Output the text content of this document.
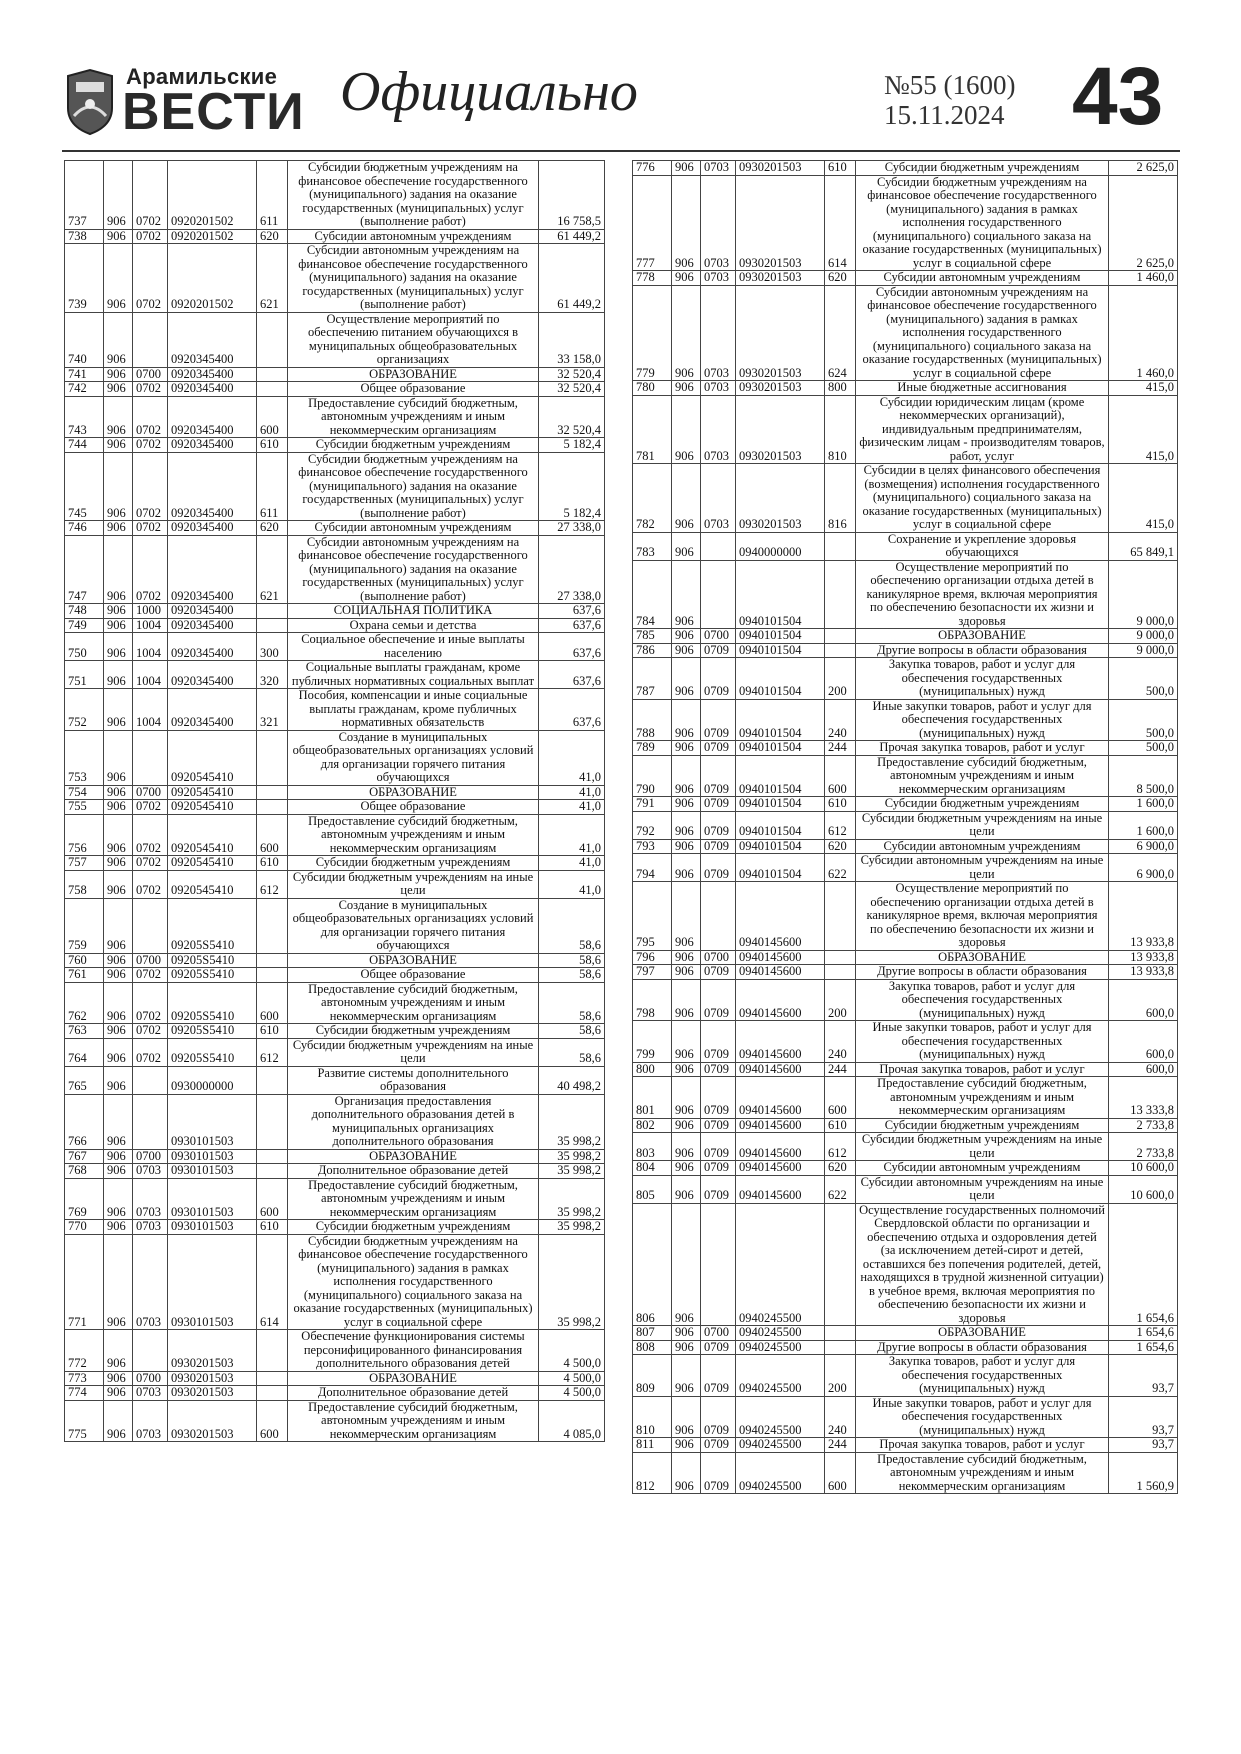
Арамильские
ВЕСТИ Официально	№55 (1600)
15.11.2024 43
737	906	0702	0920201502	611	Субсидии бюджетным учреждениям на финансовое обеспечение государственного (муниципального) задания на оказание государственных (муниципальных) услуг (выполнение работ)	16 758,5
738	906	0702	0920201502	620	Субсидии автономным учреждениям	61 449,2
739	906	0702	0920201502	621	Субсидии автономным учреждениям на финансовое обеспечение государственного (муниципального) задания на оказание государственных (муниципальных) услуг (выполнение работ)	61 449,2
740	906		0920345400		Осуществление мероприятий по обеспечению питанием обучающихся в муниципальных общеобразовательных организациях	33 158,0
741	906	0700	0920345400		ОБРАЗОВАНИЕ	32 520,4
742	906	0702	0920345400		Общее образование	32 520,4
743	906	0702	0920345400	600	Предоставление субсидий бюджетным, автономным учреждениям и иным некоммерческим организациям	32 520,4
744	906	0702	0920345400	610	Субсидии бюджетным учреждениям	5 182,4
745	906	0702	0920345400	611	Субсидии бюджетным учреждениям на финансовое обеспечение государственного (муниципального) задания на оказание государственных (муниципальных) услуг (выполнение работ)	5 182,4
746	906	0702	0920345400	620	Субсидии автономным учреждениям	27 338,0
747	906	0702	0920345400	621	Субсидии автономным учреждениям на финансовое обеспечение государственного (муниципального) задания на оказание государственных (муниципальных) услуг (выполнение работ)	27 338,0
748	906	1000	0920345400		СОЦИАЛЬНАЯ ПОЛИТИКА	637,6
749	906	1004	0920345400		Охрана семьи и детства	637,6
750	906	1004	0920345400	300	Социальное обеспечение и иные выплаты населению	637,6
751	906	1004	0920345400	320	Социальные выплаты гражданам, кроме публичных нормативных социальных выплат	637,6
752	906	1004	0920345400	321	Пособия, компенсации и иные социальные выплаты гражданам, кроме публичных нормативных обязательств	637,6
753	906		0920545410		Создание в муниципальных общеобразовательных организациях условий для организации горячего питания обучающихся	41,0
754	906	0700	0920545410		ОБРАЗОВАНИЕ	41,0
755	906	0702	0920545410		Общее образование	41,0
756	906	0702	0920545410	600	Предоставление субсидий бюджетным, автономным учреждениям и иным некоммерческим организациям	41,0
757	906	0702	0920545410	610	Субсидии бюджетным учреждениям	41,0
758	906	0702	0920545410	612	Субсидии бюджетным учреждениям на иные цели	41,0
759	906		09205S5410		Создание в муниципальных общеобразовательных организациях условий для организации горячего питания обучающихся	58,6
760	906	0700	09205S5410		ОБРАЗОВАНИЕ	58,6
761	906	0702	09205S5410		Общее образование	58,6
762	906	0702	09205S5410	600	Предоставление субсидий бюджетным, автономным учреждениям и иным некоммерческим организациям	58,6
763	906	0702	09205S5410	610	Субсидии бюджетным учреждениям	58,6
764	906	0702	09205S5410	612	Субсидии бюджетным учреждениям на иные цели	58,6
765	906		0930000000		Развитие системы дополнительного образования	40 498,2
766	906		0930101503		Организация предоставления дополнительного образования детей в муниципальных организациях дополнительного образования	35 998,2
767	906	0700	0930101503		ОБРАЗОВАНИЕ	35 998,2
768	906	0703	0930101503		Дополнительное образование детей	35 998,2
769	906	0703	0930101503	600	Предоставление субсидий бюджетным, автономным учреждениям и иным некоммерческим организациям	35 998,2
770	906	0703	0930101503	610	Субсидии бюджетным учреждениям	35 998,2
771	906	0703	0930101503	614	Субсидии бюджетным учреждениям на финансовое обеспечение государственного (муниципального) задания в рамках исполнения государственного (муниципального) социального заказа на оказание государственных (муниципальных) услуг в социальной сфере	35 998,2
772	906		0930201503		Обеспечение функционирования системы персонифицированного финансирования дополнительного образования детей	4 500,0
773	906	0700	0930201503		ОБРАЗОВАНИЕ	4 500,0
774	906	0703	0930201503		Дополнительное образование детей	4 500,0
775	906	0703	0930201503	600	Предоставление субсидий бюджетным, автономным учреждениям и иным некоммерческим организациям	4 085,0
776	906	0703	0930201503	610	Субсидии бюджетным учреждениям	2 625,0
777	906	0703	0930201503	614	Субсидии бюджетным учреждениям на финансовое обеспечение государственного (муниципального) задания в рамках исполнения государственного (муниципального) социального заказа на оказание государственных (муниципальных) услуг в социальной сфере	2 625,0
778	906	0703	0930201503	620	Субсидии автономным учреждениям	1 460,0
779	906	0703	0930201503	624	Субсидии автономным учреждениям на финансовое обеспечение государственного (муниципального) задания в рамках исполнения государственного (муниципального) социального заказа на оказание государственных (муниципальных) услуг в социальной сфере	1 460,0
780	906	0703	0930201503	800	Иные бюджетные ассигнования	415,0
781	906	0703	0930201503	810	Субсидии юридическим лицам (кроме некоммерческих организаций), индивидуальным предпринимателям, физическим лицам - производителям товаров, работ, услуг	415,0
782	906	0703	0930201503	816	Субсидии в целях финансового обеспечения (возмещения) исполнения государственного (муниципального) социального заказа на оказание государственных (муниципальных) услуг в социальной сфере	415,0
783	906		0940000000		Сохранение и укрепление здоровья обучающихся	65 849,1
784	906		0940101504		Осуществление мероприятий по обеспечению организации отдыха детей в каникулярное время, включая мероприятия по обеспечению безопасности их жизни и здоровья	9 000,0
785	906	0700	0940101504		ОБРАЗОВАНИЕ	9 000,0
786	906	0709	0940101504		Другие вопросы в области образования	9 000,0
787	906	0709	0940101504	200	Закупка товаров, работ и услуг для обеспечения государственных (муниципальных) нужд	500,0
788	906	0709	0940101504	240	Иные закупки товаров, работ и услуг для обеспечения государственных (муниципальных) нужд	500,0
789	906	0709	0940101504	244	Прочая закупка товаров, работ и услуг	500,0
790	906	0709	0940101504	600	Предоставление субсидий бюджетным, автономным учреждениям и иным некоммерческим организациям	8 500,0
791	906	0709	0940101504	610	Субсидии бюджетным учреждениям	1 600,0
792	906	0709	0940101504	612	Субсидии бюджетным учреждениям на иные цели	1 600,0
793	906	0709	0940101504	620	Субсидии автономным учреждениям	6 900,0
794	906	0709	0940101504	622	Субсидии автономным учреждениям на иные цели	6 900,0
795	906		0940145600		Осуществление мероприятий по обеспечению организации отдыха детей в каникулярное время, включая мероприятия по обеспечению безопасности их жизни и здоровья	13 933,8
796	906	0700	0940145600		ОБРАЗОВАНИЕ	13 933,8
797	906	0709	0940145600		Другие вопросы в области образования	13 933,8
798	906	0709	0940145600	200	Закупка товаров, работ и услуг для обеспечения государственных (муниципальных) нужд	600,0
799	906	0709	0940145600	240	Иные закупки товаров, работ и услуг для обеспечения государственных (муниципальных) нужд	600,0
800	906	0709	0940145600	244	Прочая закупка товаров, работ и услуг	600,0
801	906	0709	0940145600	600	Предоставление субсидий бюджетным, автономным учреждениям и иным некоммерческим организациям	13 333,8
802	906	0709	0940145600	610	Субсидии бюджетным учреждениям	2 733,8
803	906	0709	0940145600	612	Субсидии бюджетным учреждениям на иные цели	2 733,8
804	906	0709	0940145600	620	Субсидии автономным учреждениям	10 600,0
805	906	0709	0940145600	622	Субсидии автономным учреждениям на иные цели	10 600,0
806	906		0940245500		Осуществление государственных полномочий Свердловской области по организации и обеспечению отдыха и оздоровления детей (за исключением детей-сирот и детей, оставшихся без попечения родителей, детей, находящихся в трудной жизненной ситуации) в учебное время, включая мероприятия по обеспечению безопасности их жизни и здоровья	1 654,6
807	906	0700	0940245500		ОБРАЗОВАНИЕ	1 654,6
808	906	0709	0940245500		Другие вопросы в области образования	1 654,6
809	906	0709	0940245500	200	Закупка товаров, работ и услуг для обеспечения государственных (муниципальных) нужд	93,7
810	906	0709	0940245500	240	Иные закупки товаров, работ и услуг для обеспечения государственных (муниципальных) нужд	93,7
811	906	0709	0940245500	244	Прочая закупка товаров, работ и услуг	93,7
812	906	0709	0940245500	600	Предоставление субсидий бюджетным, автономным учреждениям и иным некоммерческим организациям	1 560,9
